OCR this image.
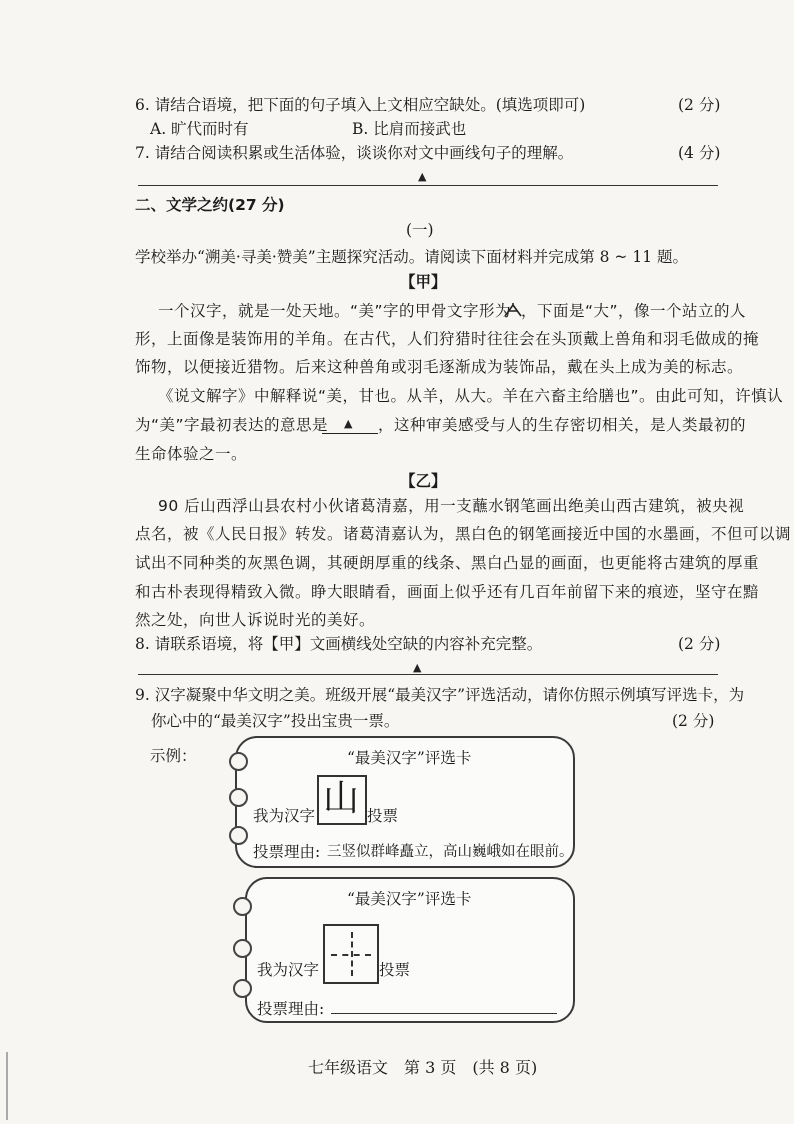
6. 请结合语境，把下面的句子填入上文相应空缺处。(填选项即可)	(2 分)
A. 旷代而时有	B. 比肩而接武也
7. 请结合阅读积累或生活体验，谈谈你对文中画线句子的理解。	(4 分)
▲
二、文学之约(27 分)
(一)
学校举办“溯美·寻美·赞美”主题探究活动。请阅读下面材料并完成第 8 ~ 11 题。
【甲】
一个汉字，就是一处天地。“美”字的甲骨文字形为 ，下面是“大”，像一个站立的人
形，上面像是装饰用的羊角。在古代，人们狩猎时往往会在头顶戴上兽角和羽毛做成的掩
饰物，以便接近猎物。后来这种兽角或羽毛逐渐成为装饰品，戴在头上成为美的标志。
《说文解字》中解释说“美，甘也。从羊，从大。羊在六畜主给膳也”。由此可知，许慎认
为“美”字最初表达的意思是 ▲ ，这种审美感受与人的生存密切相关，是人类最初的
生命体验之一。
【乙】
90 后山西浮山县农村小伙诸葛清嘉，用一支蘸水钢笔画出绝美山西古建筑，被央视
点名，被《人民日报》转发。诸葛清嘉认为，黑白色的钢笔画接近中国的水墨画，不但可以调
试出不同种类的灰黑色调，其硬朗厚重的线条、黑白凸显的画面，也更能将古建筑的厚重
和古朴表现得精致入微。睁大眼睛看，画面上似乎还有几百年前留下来的痕迹，坚守在黯
然之处，向世人诉说时光的美好。
8. 请联系语境，将【甲】文画横线处空缺的内容补充完整。	(2 分)
▲
9. 汉字凝聚中华文明之美。班级开展“最美汉字”评选活动，请你仿照示例填写评选卡，为
你心中的“最美汉字”投出宝贵一票。	(2 分)
示例：	“最美汉字”评选卡
我为汉字 山 投票
投票理由: 三竖似群峰矗立，高山巍峨如在眼前。
“最美汉字”评选卡
我为汉字	投票
投票理由:
七年级语文　第 3 页　(共 8 页)
